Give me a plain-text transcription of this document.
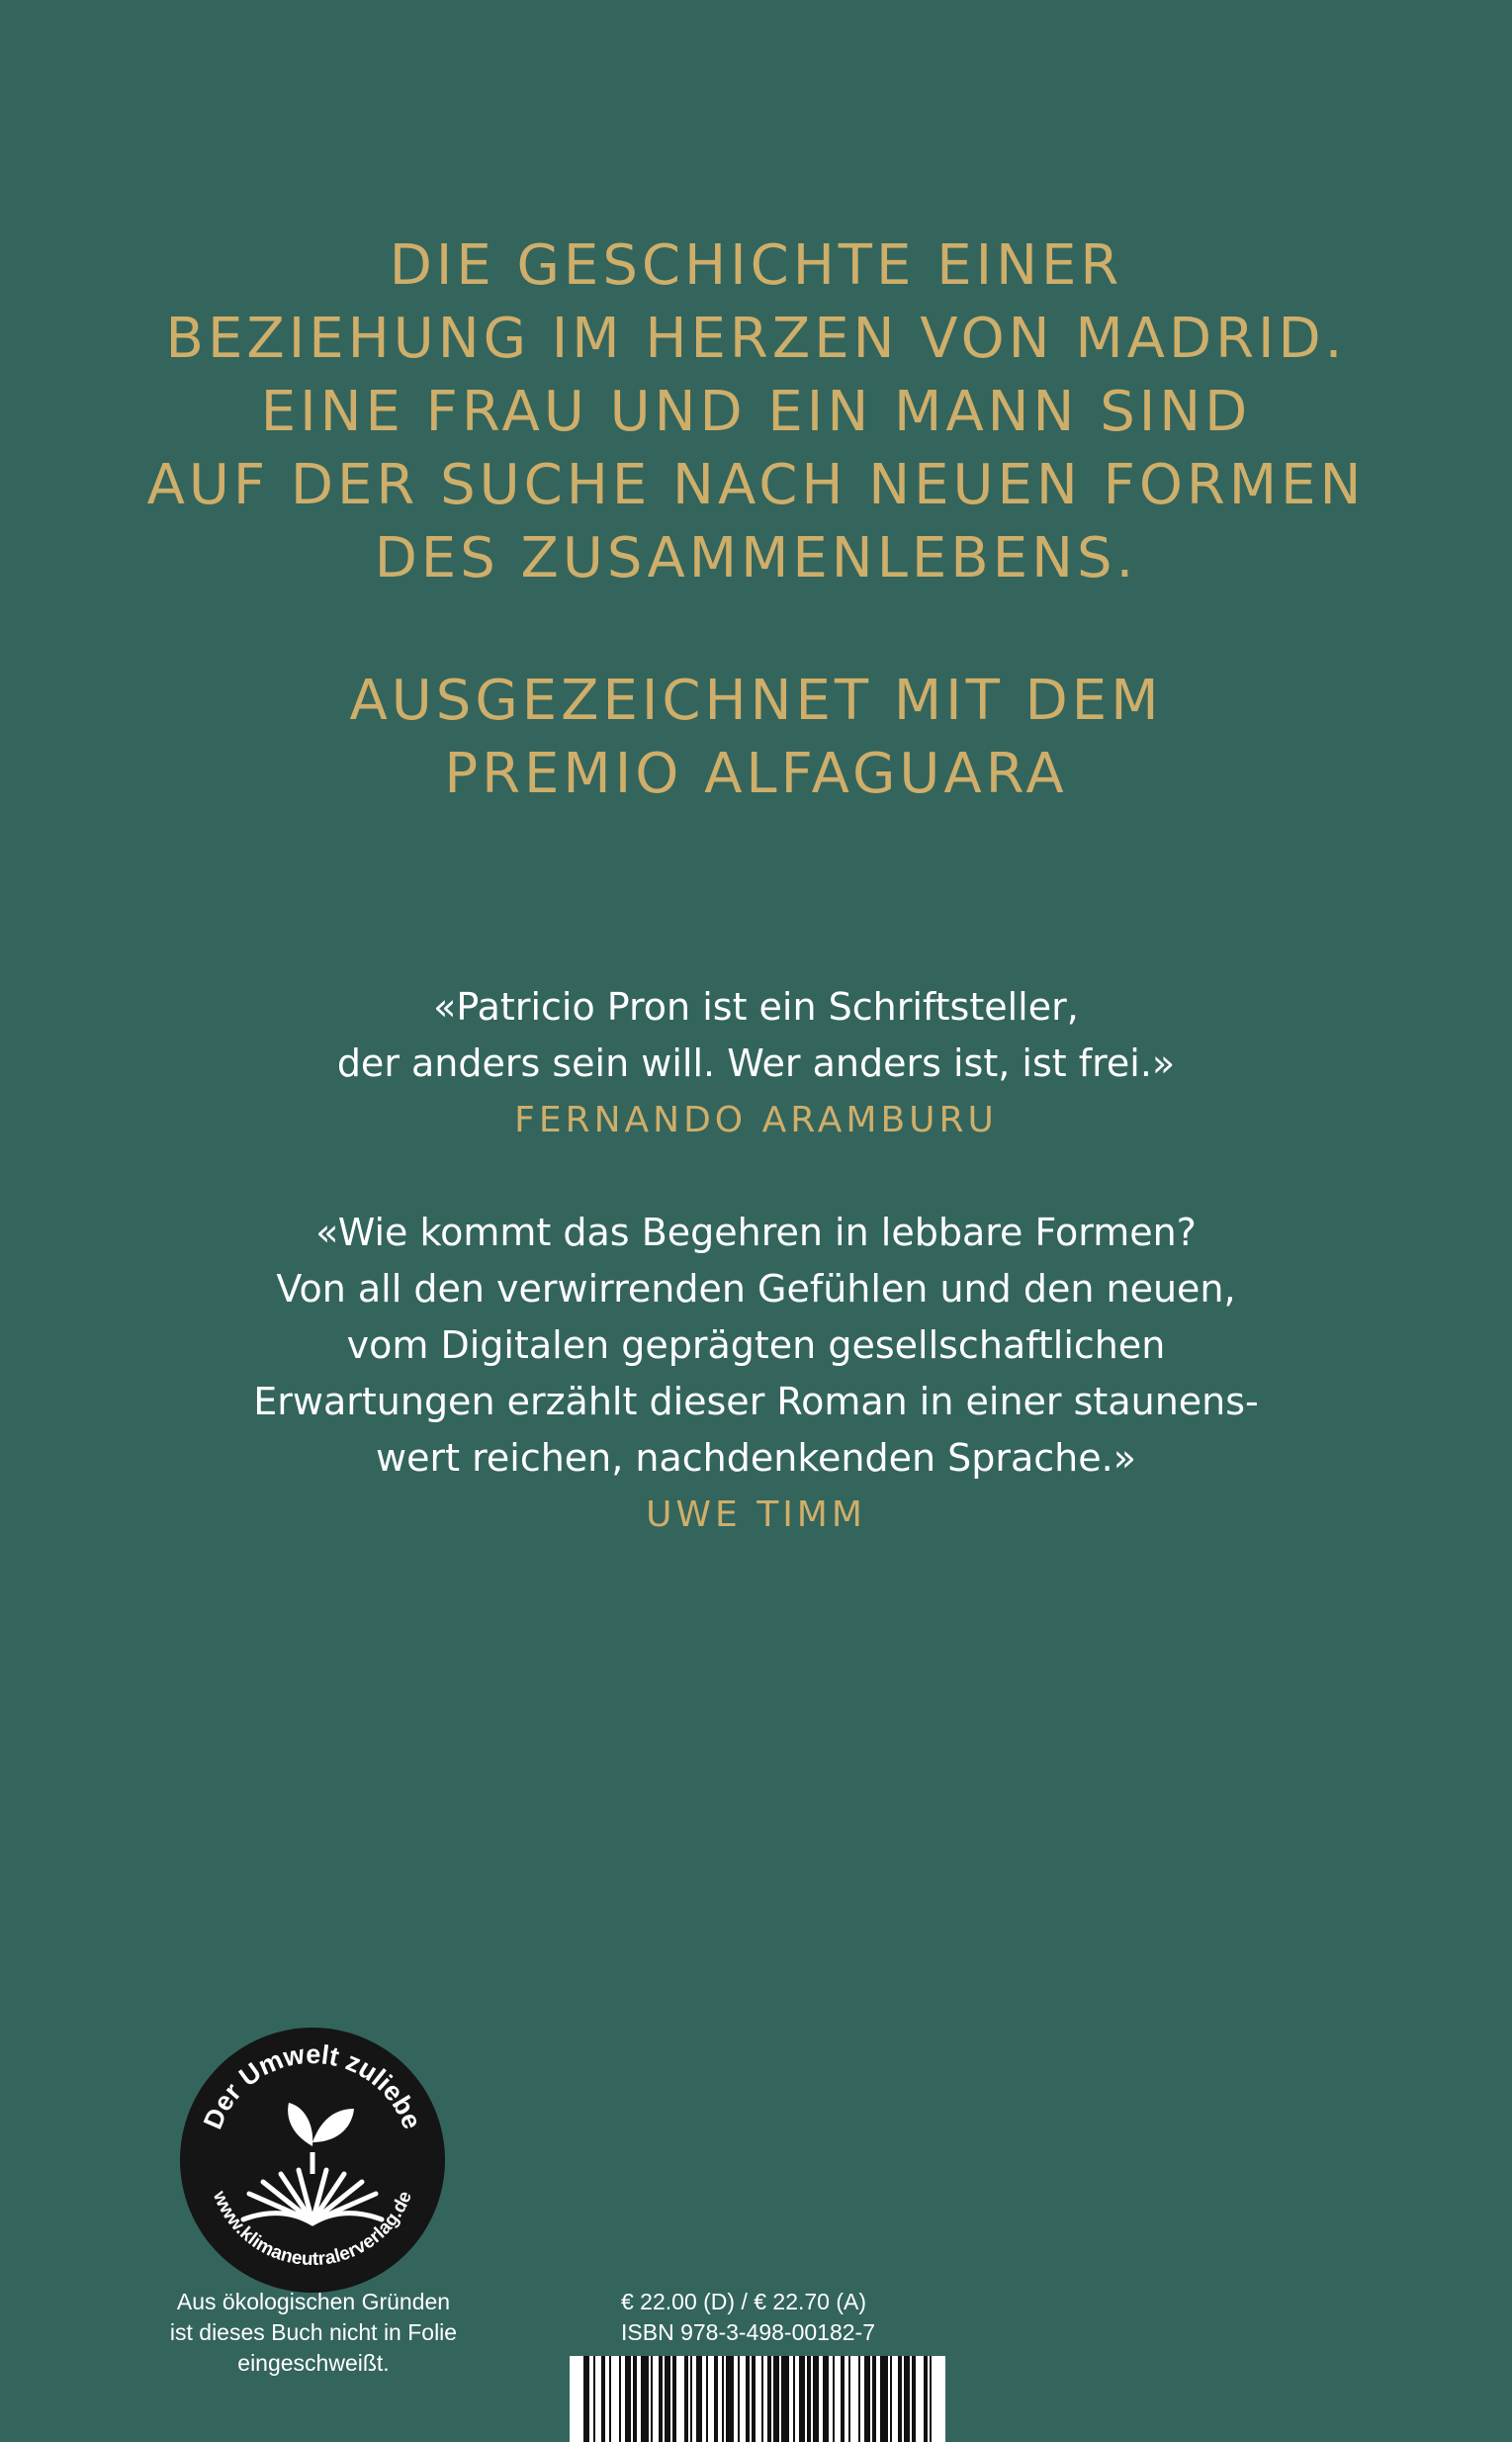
DIE GESCHICHTE EINER
BEZIEHUNG IM HERZEN VON MADRID.
EINE FRAU UND EIN MANN SIND
AUF DER SUCHE NACH NEUEN FORMEN
DES ZUSAMMENLEBENS.
AUSGEZEICHNET MIT DEM
PREMIO ALFAGUARA
«Patricio Pron ist ein Schriftsteller,
der anders sein will. Wer anders ist, ist frei.»
FERNANDO ARAMBURU
«Wie kommt das Begehren in lebbare Formen?
Von all den verwirrenden Gefühlen und den neuen,
vom Digitalen geprägten gesellschaftlichen
Erwartungen erzählt dieser Roman in einer staunens-
wert reichen, nachdenkenden Sprache.»
UWE TIMM
Der Umwelt zuliebe
www.klimaneutralerverlag.de
Aus ökologischen Gründen
ist dieses Buch nicht in Folie
eingeschweißt.
€ 22.00 (D) / € 22.70 (A)
ISBN 978-3-498-00182-7
